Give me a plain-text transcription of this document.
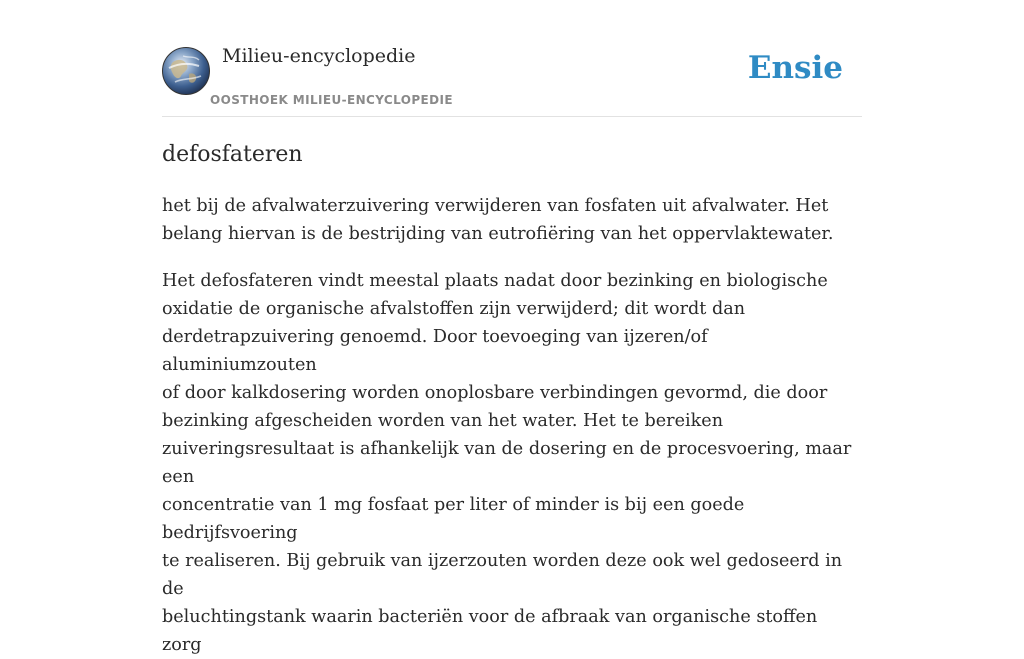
Milieu-encyclopedie
OOSTHOEK MILIEU-ENCYCLOPEDIE
Ensie
defosfateren

het bij de afvalwaterzuivering verwijderen van fosfaten uit afvalwater. Het
belang hiervan is de bestrijding van eutrofiëring van het oppervlaktewater.

Het defosfateren vindt meestal plaats nadat door bezinking en biologische
oxidatie de organische afvalstoffen zijn verwijderd; dit wordt dan
derdetrapzuivering genoemd. Door toevoeging van ijzeren/of aluminiumzouten
of door kalkdosering worden onoplosbare verbindingen gevormd, die door
bezinking afgescheiden worden van het water. Het te bereiken
zuiveringsresultaat is afhankelijk van de dosering en de procesvoering, maar een
concentratie van 1 mg fosfaat per liter of minder is bij een goede bedrijfsvoering
te realiseren. Bij gebruik van ijzerzouten worden deze ook wel gedoseerd in de
beluchtingstank waarin bacteriën voor de afbraak van organische stoffen zorg
